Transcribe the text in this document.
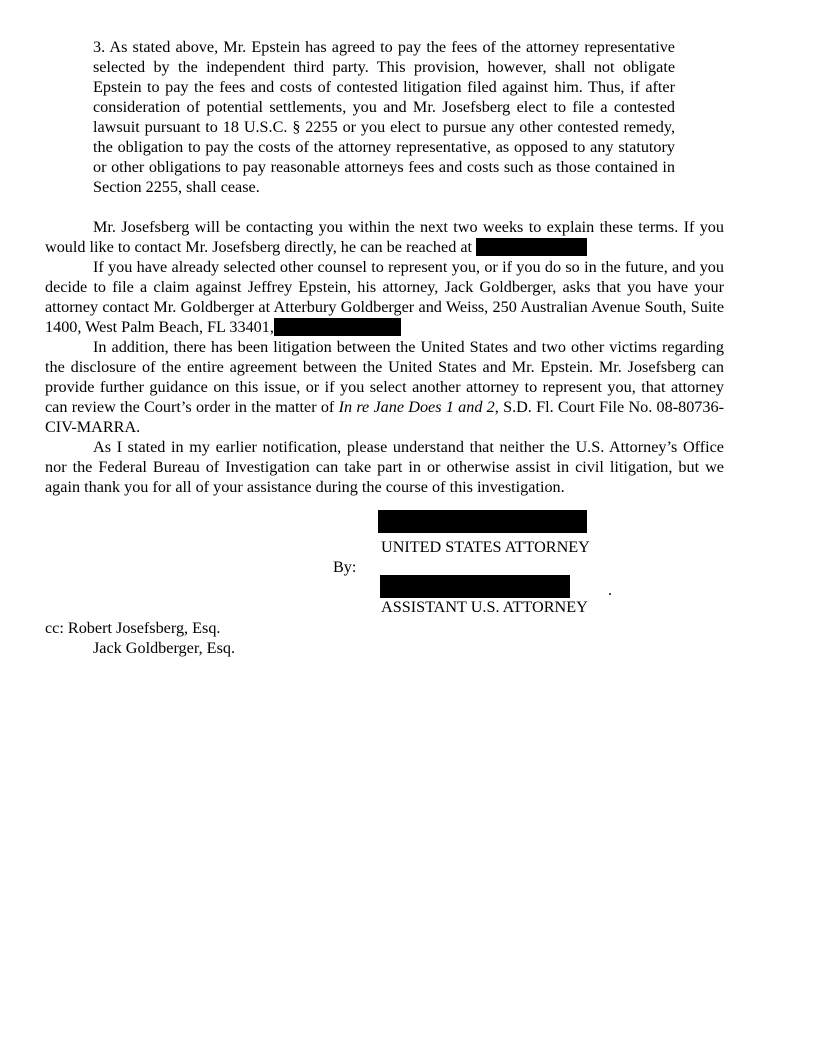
3. As stated above, Mr. Epstein has agreed to pay the fees of the attorney representative selected by the independent third party. This provision, however, shall not obligate Epstein to pay the fees and costs of contested litigation filed against him. Thus, if after consideration of potential settlements, you and Mr. Josefsberg elect to file a contested lawsuit pursuant to 18 U.S.C. § 2255 or you elect to pursue any other contested remedy, the obligation to pay the costs of the attorney representative, as opposed to any statutory or other obligations to pay reasonable attorneys fees and costs such as those contained in Section 2255, shall cease.
Mr. Josefsberg will be contacting you within the next two weeks to explain these terms. If you would like to contact Mr. Josefsberg directly, he can be reached at
If you have already selected other counsel to represent you, or if you do so in the future, and you decide to file a claim against Jeffrey Epstein, his attorney, Jack Goldberger, asks that you have your attorney contact Mr. Goldberger at Atterbury Goldberger and Weiss, 250 Australian Avenue South, Suite 1400, West Palm Beach, FL 33401,
In addition, there has been litigation between the United States and two other victims regarding the disclosure of the entire agreement between the United States and Mr. Epstein. Mr. Josefsberg can provide further guidance on this issue, or if you select another attorney to represent you, that attorney can review the Court’s order in the matter of In re Jane Does 1 and 2, S.D. Fl. Court File No. 08-80736-CIV-MARRA.
As I stated in my earlier notification, please understand that neither the U.S. Attorney’s Office nor the Federal Bureau of Investigation can take part in or otherwise assist in civil litigation, but we again thank you for all of your assistance during the course of this investigation.
UNITED STATES ATTORNEY
By:
.
ASSISTANT U.S. ATTORNEY
cc: Robert Josefsberg, Esq.
Jack Goldberger, Esq.
